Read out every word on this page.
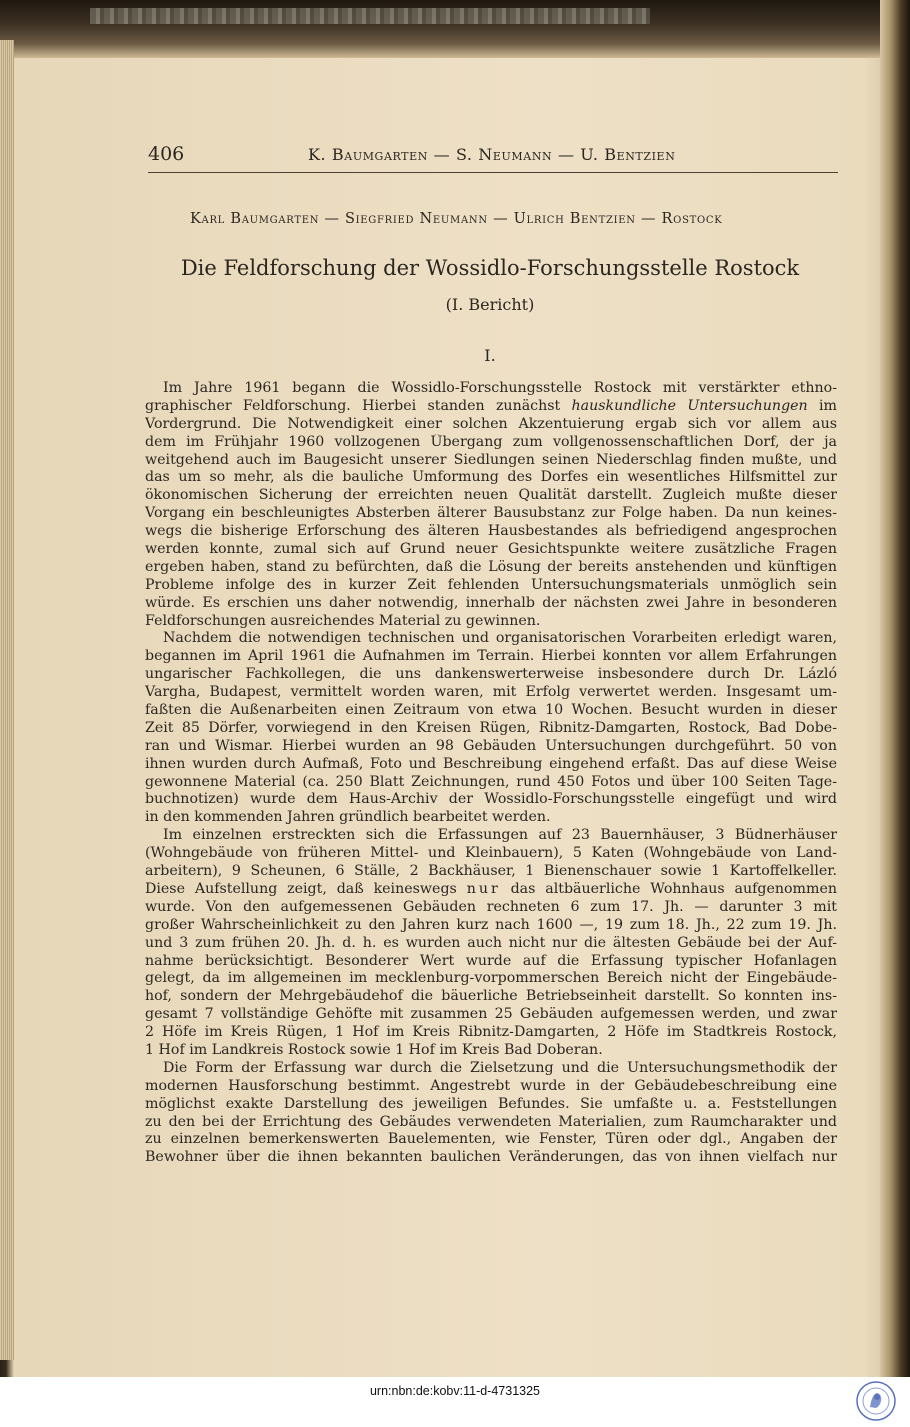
406	K. Baumgarten — S. Neumann — U. Bentzien
Karl Baumgarten — Siegfried Neumann — Ulrich Bentzien — Rostock
Die Feldforschung der Wossidlo-Forschungsstelle Rostock
(I. Bericht)
I.
Im Jahre 1961 begann die Wossidlo-Forschungsstelle Rostock mit verstärkter ethno-
graphischer Feldforschung. Hierbei standen zunächst hauskundliche Untersuchungen im
Vordergrund. Die Notwendigkeit einer solchen Akzentuierung ergab sich vor allem aus
dem im Frühjahr 1960 vollzogenen Übergang zum vollgenossenschaftlichen Dorf, der ja
weitgehend auch im Baugesicht unserer Siedlungen seinen Niederschlag finden mußte, und
das um so mehr, als die bauliche Umformung des Dorfes ein wesentliches Hilfsmittel zur
ökonomischen Sicherung der erreichten neuen Qualität darstellt. Zugleich mußte dieser
Vorgang ein beschleunigtes Absterben älterer Bausubstanz zur Folge haben. Da nun keines-
wegs die bisherige Erforschung des älteren Hausbestandes als befriedigend angesprochen
werden konnte, zumal sich auf Grund neuer Gesichtspunkte weitere zusätzliche Fragen
ergeben haben, stand zu befürchten, daß die Lösung der bereits anstehenden und künftigen
Probleme infolge des in kurzer Zeit fehlenden Untersuchungsmaterials unmöglich sein
würde. Es erschien uns daher notwendig, innerhalb der nächsten zwei Jahre in besonderen
Feldforschungen ausreichendes Material zu gewinnen.
Nachdem die notwendigen technischen und organisatorischen Vorarbeiten erledigt waren,
begannen im April 1961 die Aufnahmen im Terrain. Hierbei konnten vor allem Erfahrungen
ungarischer Fachkollegen, die uns dankenswerterweise insbesondere durch Dr. Lázló
Vargha, Budapest, vermittelt worden waren, mit Erfolg verwertet werden. Insgesamt um-
faßten die Außenarbeiten einen Zeitraum von etwa 10 Wochen. Besucht wurden in dieser
Zeit 85 Dörfer, vorwiegend in den Kreisen Rügen, Ribnitz-Damgarten, Rostock, Bad Dobe-
ran und Wismar. Hierbei wurden an 98 Gebäuden Untersuchungen durchgeführt. 50 von
ihnen wurden durch Aufmaß, Foto und Beschreibung eingehend erfaßt. Das auf diese Weise
gewonnene Material (ca. 250 Blatt Zeichnungen, rund 450 Fotos und über 100 Seiten Tage-
buchnotizen) wurde dem Haus-Archiv der Wossidlo-Forschungsstelle eingefügt und wird
in den kommenden Jahren gründlich bearbeitet werden.
Im einzelnen erstreckten sich die Erfassungen auf 23 Bauernhäuser, 3 Büdnerhäuser
(Wohngebäude von früheren Mittel- und Kleinbauern), 5 Katen (Wohngebäude von Land-
arbeitern), 9 Scheunen, 6 Ställe, 2 Backhäuser, 1 Bienenschauer sowie 1 Kartoffelkeller.
Diese Aufstellung zeigt, daß keineswegs nur das altbäuerliche Wohnhaus aufgenommen
wurde. Von den aufgemessenen Gebäuden rechneten 6 zum 17. Jh. — darunter 3 mit
großer Wahrscheinlichkeit zu den Jahren kurz nach 1600 —, 19 zum 18. Jh., 22 zum 19. Jh.
und 3 zum frühen 20. Jh. d. h. es wurden auch nicht nur die ältesten Gebäude bei der Auf-
nahme berücksichtigt. Besonderer Wert wurde auf die Erfassung typischer Hofanlagen
gelegt, da im allgemeinen im mecklenburg-vorpommerschen Bereich nicht der Eingebäude-
hof, sondern der Mehrgebäudehof die bäuerliche Betriebseinheit darstellt. So konnten ins-
gesamt 7 vollständige Gehöfte mit zusammen 25 Gebäuden aufgemessen werden, und zwar
2 Höfe im Kreis Rügen, 1 Hof im Kreis Ribnitz-Damgarten, 2 Höfe im Stadtkreis Rostock,
1 Hof im Landkreis Rostock sowie 1 Hof im Kreis Bad Doberan.
Die Form der Erfassung war durch die Zielsetzung und die Untersuchungsmethodik der
modernen Hausforschung bestimmt. Angestrebt wurde in der Gebäudebeschreibung eine
möglichst exakte Darstellung des jeweiligen Befundes. Sie umfaßte u. a. Feststellungen
zu den bei der Errichtung des Gebäudes verwendeten Materialien, zum Raumcharakter und
zu einzelnen bemerkenswerten Bauelementen, wie Fenster, Türen oder dgl., Angaben der
Bewohner über die ihnen bekannten baulichen Veränderungen, das von ihnen vielfach nur
urn:nbn:de:kobv:11-d-4731325
